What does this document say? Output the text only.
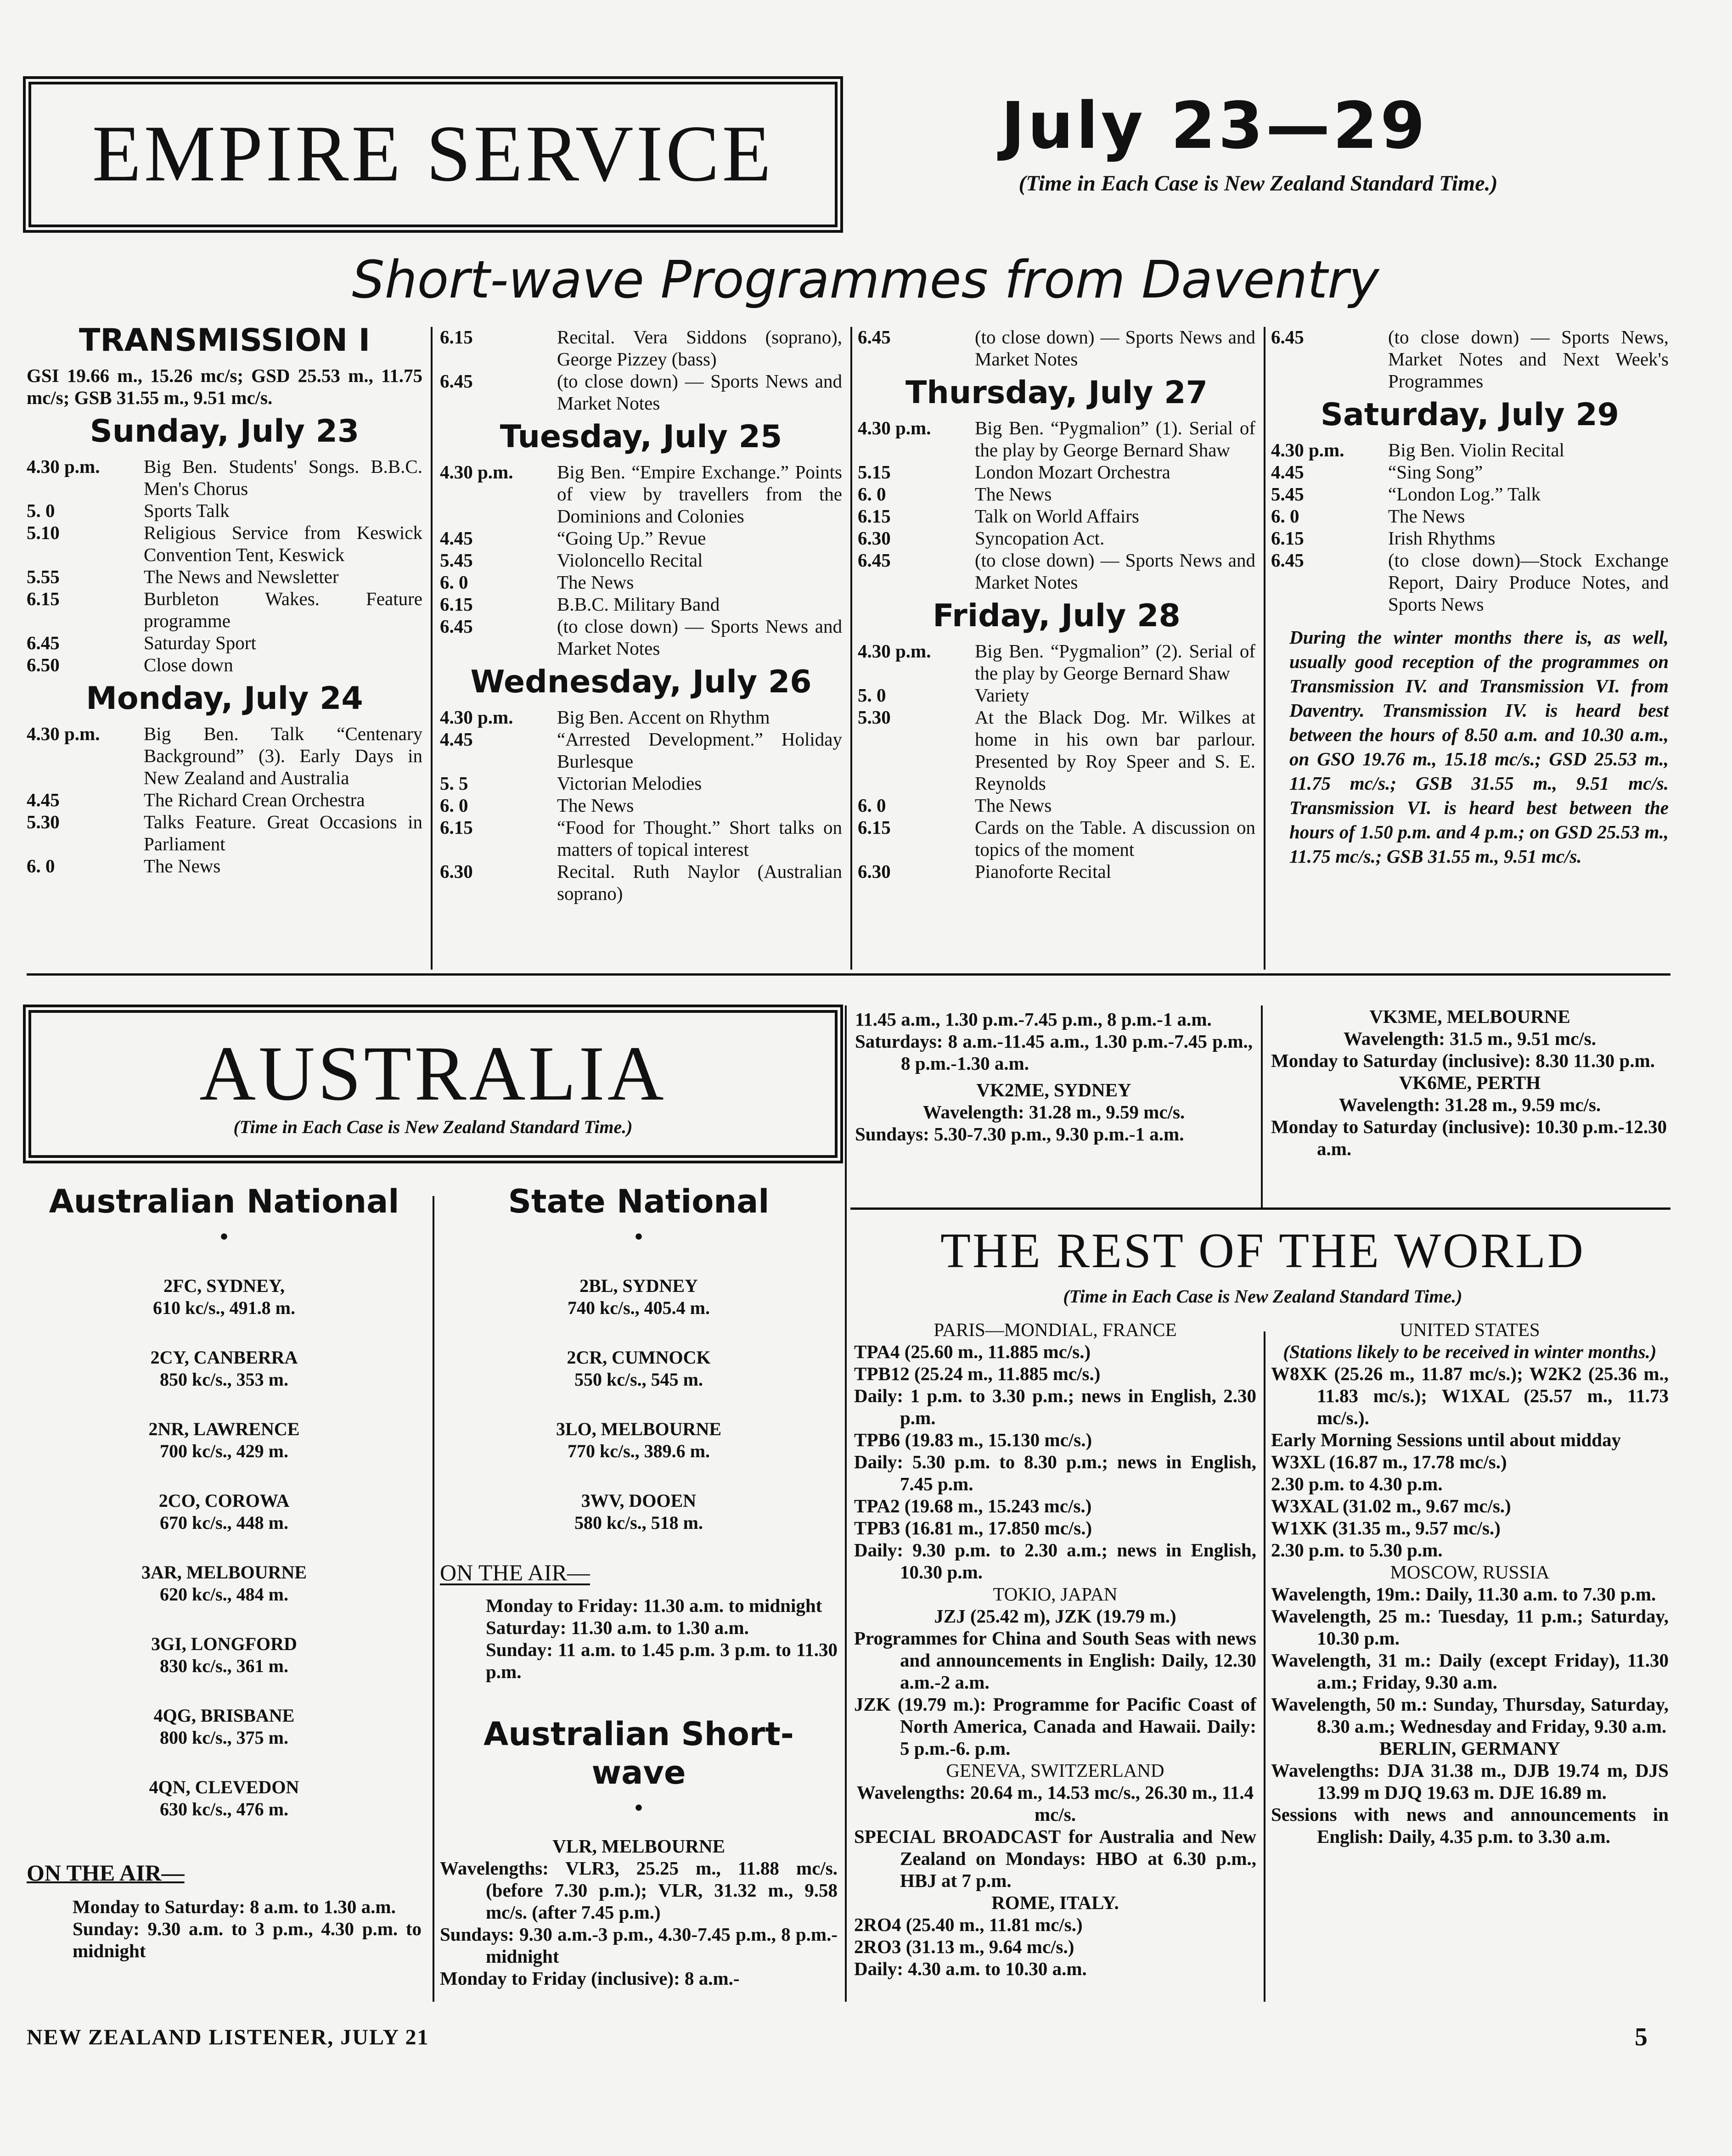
EMPIRE SERVICE	July 23—29
(Time in Each Case is New Zealand Standard Time.)
Short-wave Programmes from Daventry
TRANSMISSION I
GSI 19.66 m., 15.26 mc/s; GSD 25.53 m., 11.75 mc/s; GSB 31.55 m., 9.51 mc/s.
Sunday, July 23
4.30 p.m.	Big Ben. Students' Songs. B.B.C. Men's Chorus
5. 0	Sports Talk
5.10	Religious Service from Keswick Convention Tent, Keswick
5.55	The News and Newsletter
6.15	Burbleton Wakes. Feature programme
6.45	Saturday Sport
6.50	Close down
Monday, July 24
4.30 p.m.	Big Ben. Talk “Centenary Background” (3). Early Days in New Zealand and Australia
4.45	The Richard Crean Orchestra
5.30	Talks Feature. Great Occasions in Parliament
6. 0	The News
6.15	Recital. Vera Siddons (soprano), George Pizzey (bass)
6.45	(to close down) — Sports News and Market Notes
Tuesday, July 25
4.30 p.m.	Big Ben. “Empire Exchange.” Points of view by travellers from the Dominions and Colonies
4.45	“Going Up.” Revue
5.45	Violoncello Recital
6. 0	The News
6.15	B.B.C. Military Band
6.45	(to close down) — Sports News and Market Notes
Wednesday, July 26
4.30 p.m.	Big Ben. Accent on Rhythm
4.45	“Arrested Development.” Holiday Burlesque
5. 5	Victorian Melodies
6. 0	The News
6.15	“Food for Thought.” Short talks on matters of topical interest
6.30	Recital. Ruth Naylor (Australian soprano)
6.45	(to close down) — Sports News and Market Notes
Thursday, July 27
4.30 p.m.	Big Ben. “Pygmalion” (1). Serial of the play by George Bernard Shaw
5.15	London Mozart Orchestra
6. 0	The News
6.15	Talk on World Affairs
6.30	Syncopation Act.
6.45	(to close down) — Sports News and Market Notes
Friday, July 28
4.30 p.m.	Big Ben. “Pygmalion” (2). Serial of the play by George Bernard Shaw
5. 0	Variety
5.30	At the Black Dog. Mr. Wilkes at home in his own bar parlour. Presented by Roy Speer and S. E. Reynolds
6. 0	The News
6.15	Cards on the Table. A discussion on topics of the moment
6.30	Pianoforte Recital
6.45	(to close down) — Sports News, Market Notes and Next Week's Programmes
Saturday, July 29
4.30 p.m.	Big Ben. Violin Recital
4.45	“Sing Song”
5.45	“London Log.” Talk
6. 0	The News
6.15	Irish Rhythms
6.45	(to close down)—Stock Exchange Report, Dairy Produce Notes, and Sports News
During the winter months there is, as well, usually good reception of the programmes on Transmission IV. and Transmission VI. from Daventry. Transmission IV. is heard best between the hours of 8.50 a.m. and 10.30 a.m., on GSO 19.76 m., 15.18 mc/s.; GSD 25.53 m., 11.75 mc/s.; GSB 31.55 m., 9.51 mc/s. Transmission VI. is heard best between the hours of 1.50 p.m. and 4 p.m.; on GSD 25.53 m., 11.75 mc/s.; GSB 31.55 m., 9.51 mc/s.
AUSTRALIA
(Time in Each Case is New Zealand Standard Time.)
Australian National
•
2FC, SYDNEY,
610 kc/s., 491.8 m.
2CY, CANBERRA
850 kc/s., 353 m.
2NR, LAWRENCE
700 kc/s., 429 m.
2CO, COROWA
670 kc/s., 448 m.
3AR, MELBOURNE
620 kc/s., 484 m.
3GI, LONGFORD
830 kc/s., 361 m.
4QG, BRISBANE
800 kc/s., 375 m.
4QN, CLEVEDON
630 kc/s., 476 m.
ON THE AIR—
Monday to Saturday: 8 a.m. to 1.30 a.m.
Sunday: 9.30 a.m. to 3 p.m., 4.30 p.m. to midnight
State National
•
2BL, SYDNEY
740 kc/s., 405.4 m.
2CR, CUMNOCK
550 kc/s., 545 m.
3LO, MELBOURNE
770 kc/s., 389.6 m.
3WV, DOOEN
580 kc/s., 518 m.
ON THE AIR—
Monday to Friday: 11.30 a.m. to midnight
Saturday: 11.30 a.m. to 1.30 a.m.
Sunday: 11 a.m. to 1.45 p.m. 3 p.m. to 11.30 p.m.
Australian Short-wave
•
VLR, MELBOURNE
Wavelengths: VLR3, 25.25 m., 11.88 mc/s. (before 7.30 p.m.); VLR, 31.32 m., 9.58 mc/s. (after 7.45 p.m.)
Sundays: 9.30 a.m.-3 p.m., 4.30-7.45 p.m., 8 p.m.-midnight
Monday to Friday (inclusive): 8 a.m.-
11.45 a.m., 1.30 p.m.-7.45 p.m., 8 p.m.-1 a.m.
Saturdays: 8 a.m.-11.45 a.m., 1.30 p.m.-7.45 p.m., 8 p.m.-1.30 a.m.
VK2ME, SYDNEY
Wavelength: 31.28 m., 9.59 mc/s.
Sundays: 5.30-7.30 p.m., 9.30 p.m.-1 a.m.
VK3ME, MELBOURNE
Wavelength: 31.5 m., 9.51 mc/s.
Monday to Saturday (inclusive): 8.30 11.30 p.m.
VK6ME, PERTH
Wavelength: 31.28 m., 9.59 mc/s.
Monday to Saturday (inclusive): 10.30 p.m.-12.30 a.m.
THE REST OF THE WORLD
(Time in Each Case is New Zealand Standard Time.)
PARIS—MONDIAL, FRANCE
TPA4 (25.60 m., 11.885 mc/s.)
TPB12 (25.24 m., 11.885 mc/s.)
Daily: 1 p.m. to 3.30 p.m.; news in English, 2.30 p.m.
TPB6 (19.83 m., 15.130 mc/s.)
Daily: 5.30 p.m. to 8.30 p.m.; news in English, 7.45 p.m.
TPA2 (19.68 m., 15.243 mc/s.)
TPB3 (16.81 m., 17.850 mc/s.)
Daily: 9.30 p.m. to 2.30 a.m.; news in English, 10.30 p.m.
TOKIO, JAPAN
JZJ (25.42 m), JZK (19.79 m.)
Programmes for China and South Seas with news and announcements in English: Daily, 12.30 a.m.-2 a.m.
JZK (19.79 m.): Programme for Pacific Coast of North America, Canada and Hawaii. Daily: 5 p.m.-6. p.m.
GENEVA, SWITZERLAND
Wavelengths: 20.64 m., 14.53 mc/s., 26.30 m., 11.4 mc/s.
SPECIAL BROADCAST for Australia and New Zealand on Mondays: HBO at 6.30 p.m., HBJ at 7 p.m.
ROME, ITALY.
2RO4 (25.40 m., 11.81 mc/s.)
2RO3 (31.13 m., 9.64 mc/s.)
Daily: 4.30 a.m. to 10.30 a.m.
UNITED STATES
(Stations likely to be received in winter months.)
W8XK (25.26 m., 11.87 mc/s.); W2K2 (25.36 m., 11.83 mc/s.); W1XAL (25.57 m., 11.73 mc/s.).
Early Morning Sessions until about midday
W3XL (16.87 m., 17.78 mc/s.)
2.30 p.m. to 4.30 p.m.
W3XAL (31.02 m., 9.67 mc/s.)
W1XK (31.35 m., 9.57 mc/s.)
2.30 p.m. to 5.30 p.m.
MOSCOW, RUSSIA
Wavelength, 19m.: Daily, 11.30 a.m. to 7.30 p.m.
Wavelength, 25 m.: Tuesday, 11 p.m.; Saturday, 10.30 p.m.
Wavelength, 31 m.: Daily (except Friday), 11.30 a.m.; Friday, 9.30 a.m.
Wavelength, 50 m.: Sunday, Thursday, Saturday, 8.30 a.m.; Wednesday and Friday, 9.30 a.m.
BERLIN, GERMANY
Wavelengths: DJA 31.38 m., DJB 19.74 m, DJS 13.99 m DJQ 19.63 m. DJE 16.89 m.
Sessions with news and announcements in English: Daily, 4.35 p.m. to 3.30 a.m.
NEW ZEALAND LISTENER, JULY 21	5
